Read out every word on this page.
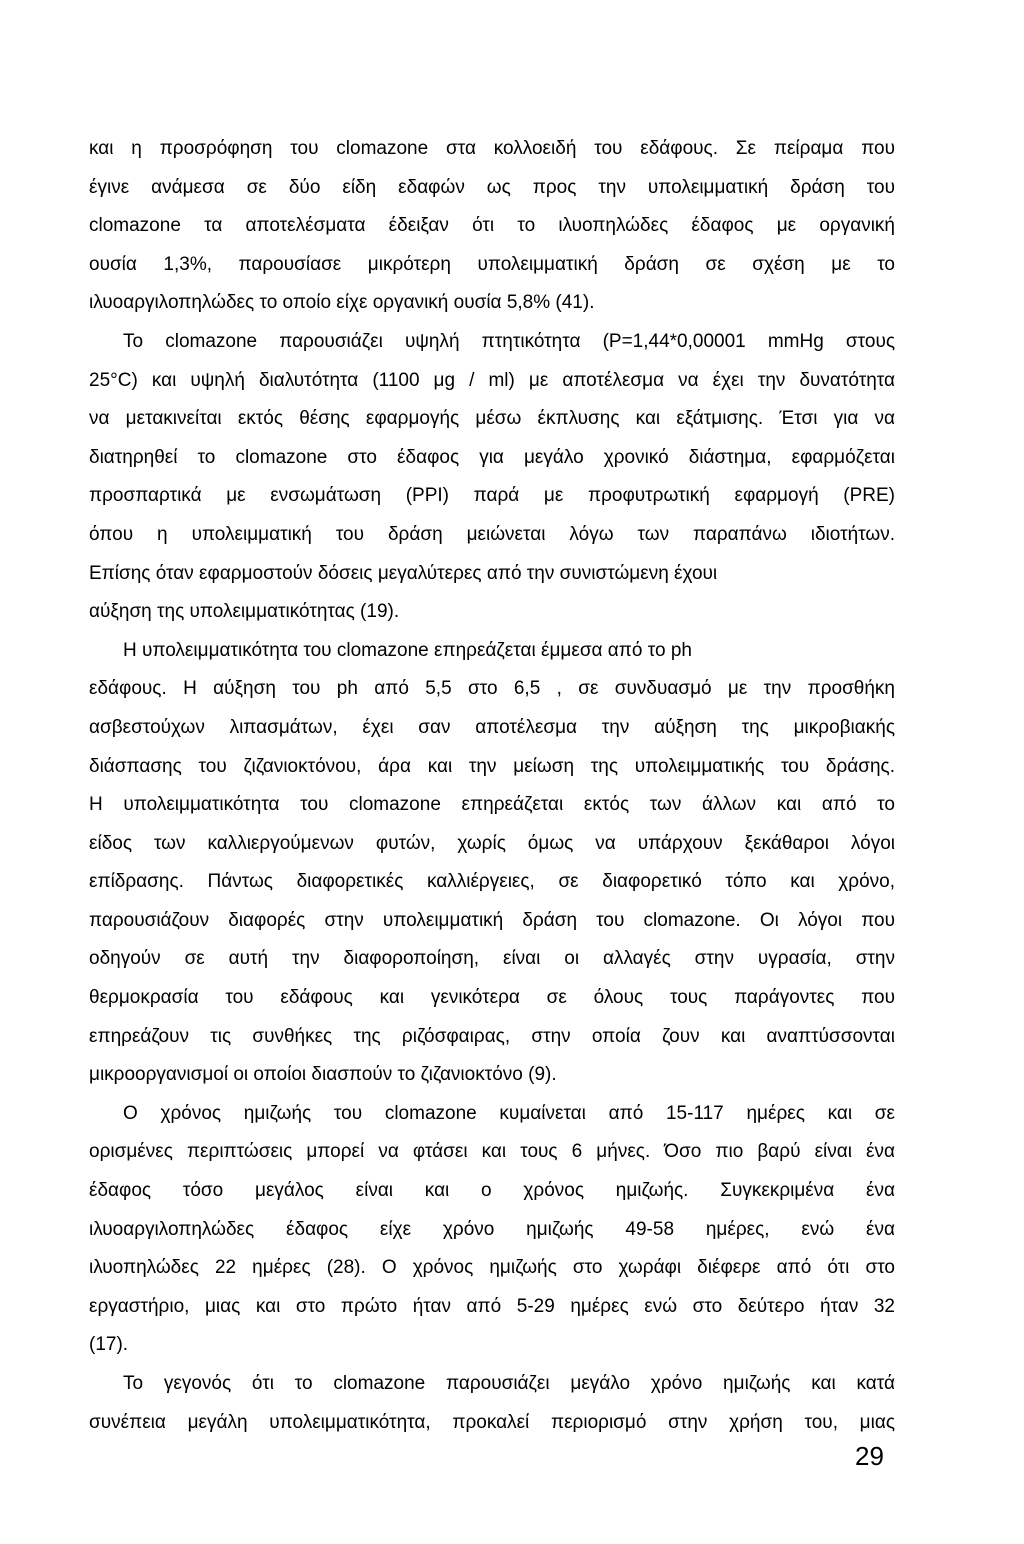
και η προσρόφηση του clomazone στα κολλοειδή του εδάφους. Σε πείραμα που
έγινε ανάμεσα σε δύο είδη εδαφών ως προς την υπολειμματική δράση του
clomazone τα αποτελέσματα έδειξαν ότι το ιλυοπηλώδες έδαφος με οργανική
ουσία 1,3%, παρουσίασε μικρότερη υπολειμματική δράση σε σχέση με το
ιλυοαργιλοπηλώδες το οποίο είχε οργανική ουσία 5,8% (41).
Το clomazone παρουσιάζει υψηλή πτητικότητα (Ρ=1,44*0,00001 mmHg στους
25°C) και υψηλή διαλυτότητα (1100 μg / ml) με αποτέλεσμα να έχει την δυνατότητα
να μετακινείται εκτός θέσης εφαρμογής μέσω έκπλυσης και εξάτμισης. Έτσι για να
διατηρηθεί το clomazone στο έδαφος για μεγάλο χρονικό διάστημα, εφαρμόζεται
προσπαρτικά με ενσωμάτωση (PPI) παρά με προφυτρωτική εφαρμογή (PRE)
όπου η υπολειμματική του δράση μειώνεται λόγω των παραπάνω ιδιοτήτων.
Επίσης όταν εφαρμοστούν δόσεις μεγαλύτερες από την συνιστώμενη έχουι
αύξηση της υπολειμματικότητας (19).
Η υπολειμματικότητα του clomazone επηρεάζεται έμμεσα από το ph
εδάφους. Η αύξηση του ph από 5,5 στο 6,5 , σε συνδυασμό με την προσθήκη
ασβεστούχων λιπασμάτων, έχει σαν αποτέλεσμα την αύξηση της μικροβιακής
διάσπασης του ζιζανιοκτόνου, άρα και την μείωση της υπολειμματικής του δράσης.
Η υπολειμματικότητα του clomazone επηρεάζεται εκτός των άλλων και από το
είδος των καλλιεργούμενων φυτών, χωρίς όμως να υπάρχουν ξεκάθαροι λόγοι
επίδρασης. Πάντως διαφορετικές καλλιέργειες, σε διαφορετικό τόπο και χρόνο,
παρουσιάζουν διαφορές στην υπολειμματική δράση του clomazone. Οι λόγοι που
οδηγούν σε αυτή την διαφοροποίηση, είναι οι αλλαγές στην υγρασία, στην
θερμοκρασία του εδάφους και γενικότερα σε όλους τους παράγοντες που
επηρεάζουν τις συνθήκες της ριζόσφαιρας, στην οποία ζουν και αναπτύσσονται
μικροοργανισμοί οι οποίοι διασπούν το ζιζανιοκτόνο (9).
Ο χρόνος ημιζωής του clomazone κυμαίνεται από 15-117 ημέρες και σε
ορισμένες περιπτώσεις μπορεί να φτάσει και τους 6 μήνες. Όσο πιο βαρύ είναι ένα
έδαφος τόσο μεγάλος είναι και ο χρόνος ημιζωής. Συγκεκριμένα ένα
ιλυοαργιλοπηλώδες έδαφος είχε χρόνο ημιζωής 49-58 ημέρες, ενώ ένα
ιλυοπηλώδες 22 ημέρες (28). Ο χρόνος ημιζωής στο χωράφι διέφερε από ότι στο
εργαστήριο, μιας και στο πρώτο ήταν από 5-29 ημέρες ενώ στο δεύτερο ήταν 32
(17).
Το γεγονός ότι το clomazone παρουσιάζει μεγάλο χρόνο ημιζωής και κατά
συνέπεια μεγάλη υπολειμματικότητα, προκαλεί περιορισμό στην χρήση του, μιας
29
